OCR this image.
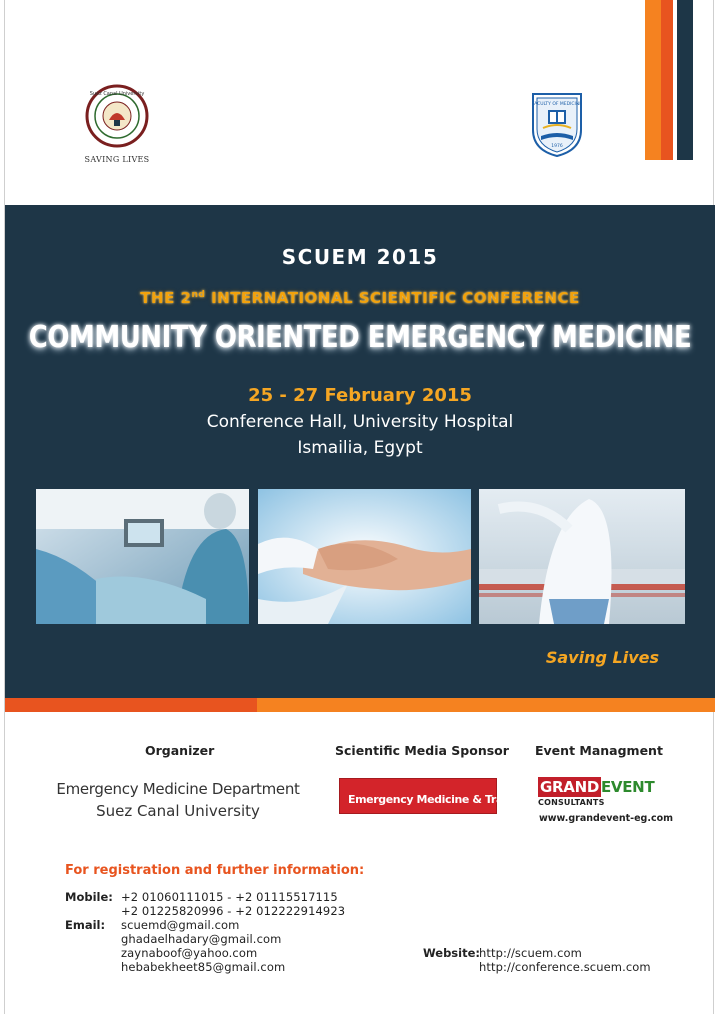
Suez Canal University
SAVING LIVES
FACULTY OF MEDICINE
1976
SCUEM 2015
THE 2nd INTERNATIONAL SCIENTIFIC CONFERENCE
COMMUNITY ORIENTED EMERGENCY MEDICINE
25 - 27 February 2015
Conference Hall, University Hospital
Ismailia, Egypt
Saving Lives
Organizer	Scientific Media Sponsor Event Managment
Emergency Medicine Department
Suez Canal University
Emergency Medicine & Trauma
GRAND EVENT
CONSULTANTS
www.grandevent-eg.com
For registration and further information:
Mobile: +2 01060111015 - +2 01115517115
+2 01225820996 - +2 012222914923
Email: scuemd@gmail.com
ghadaelhadary@gmail.com
zaynaboof@yahoo.com
hebabekheet85@gmail.com
Website: http://scuem.com
http://conference.scuem.com
